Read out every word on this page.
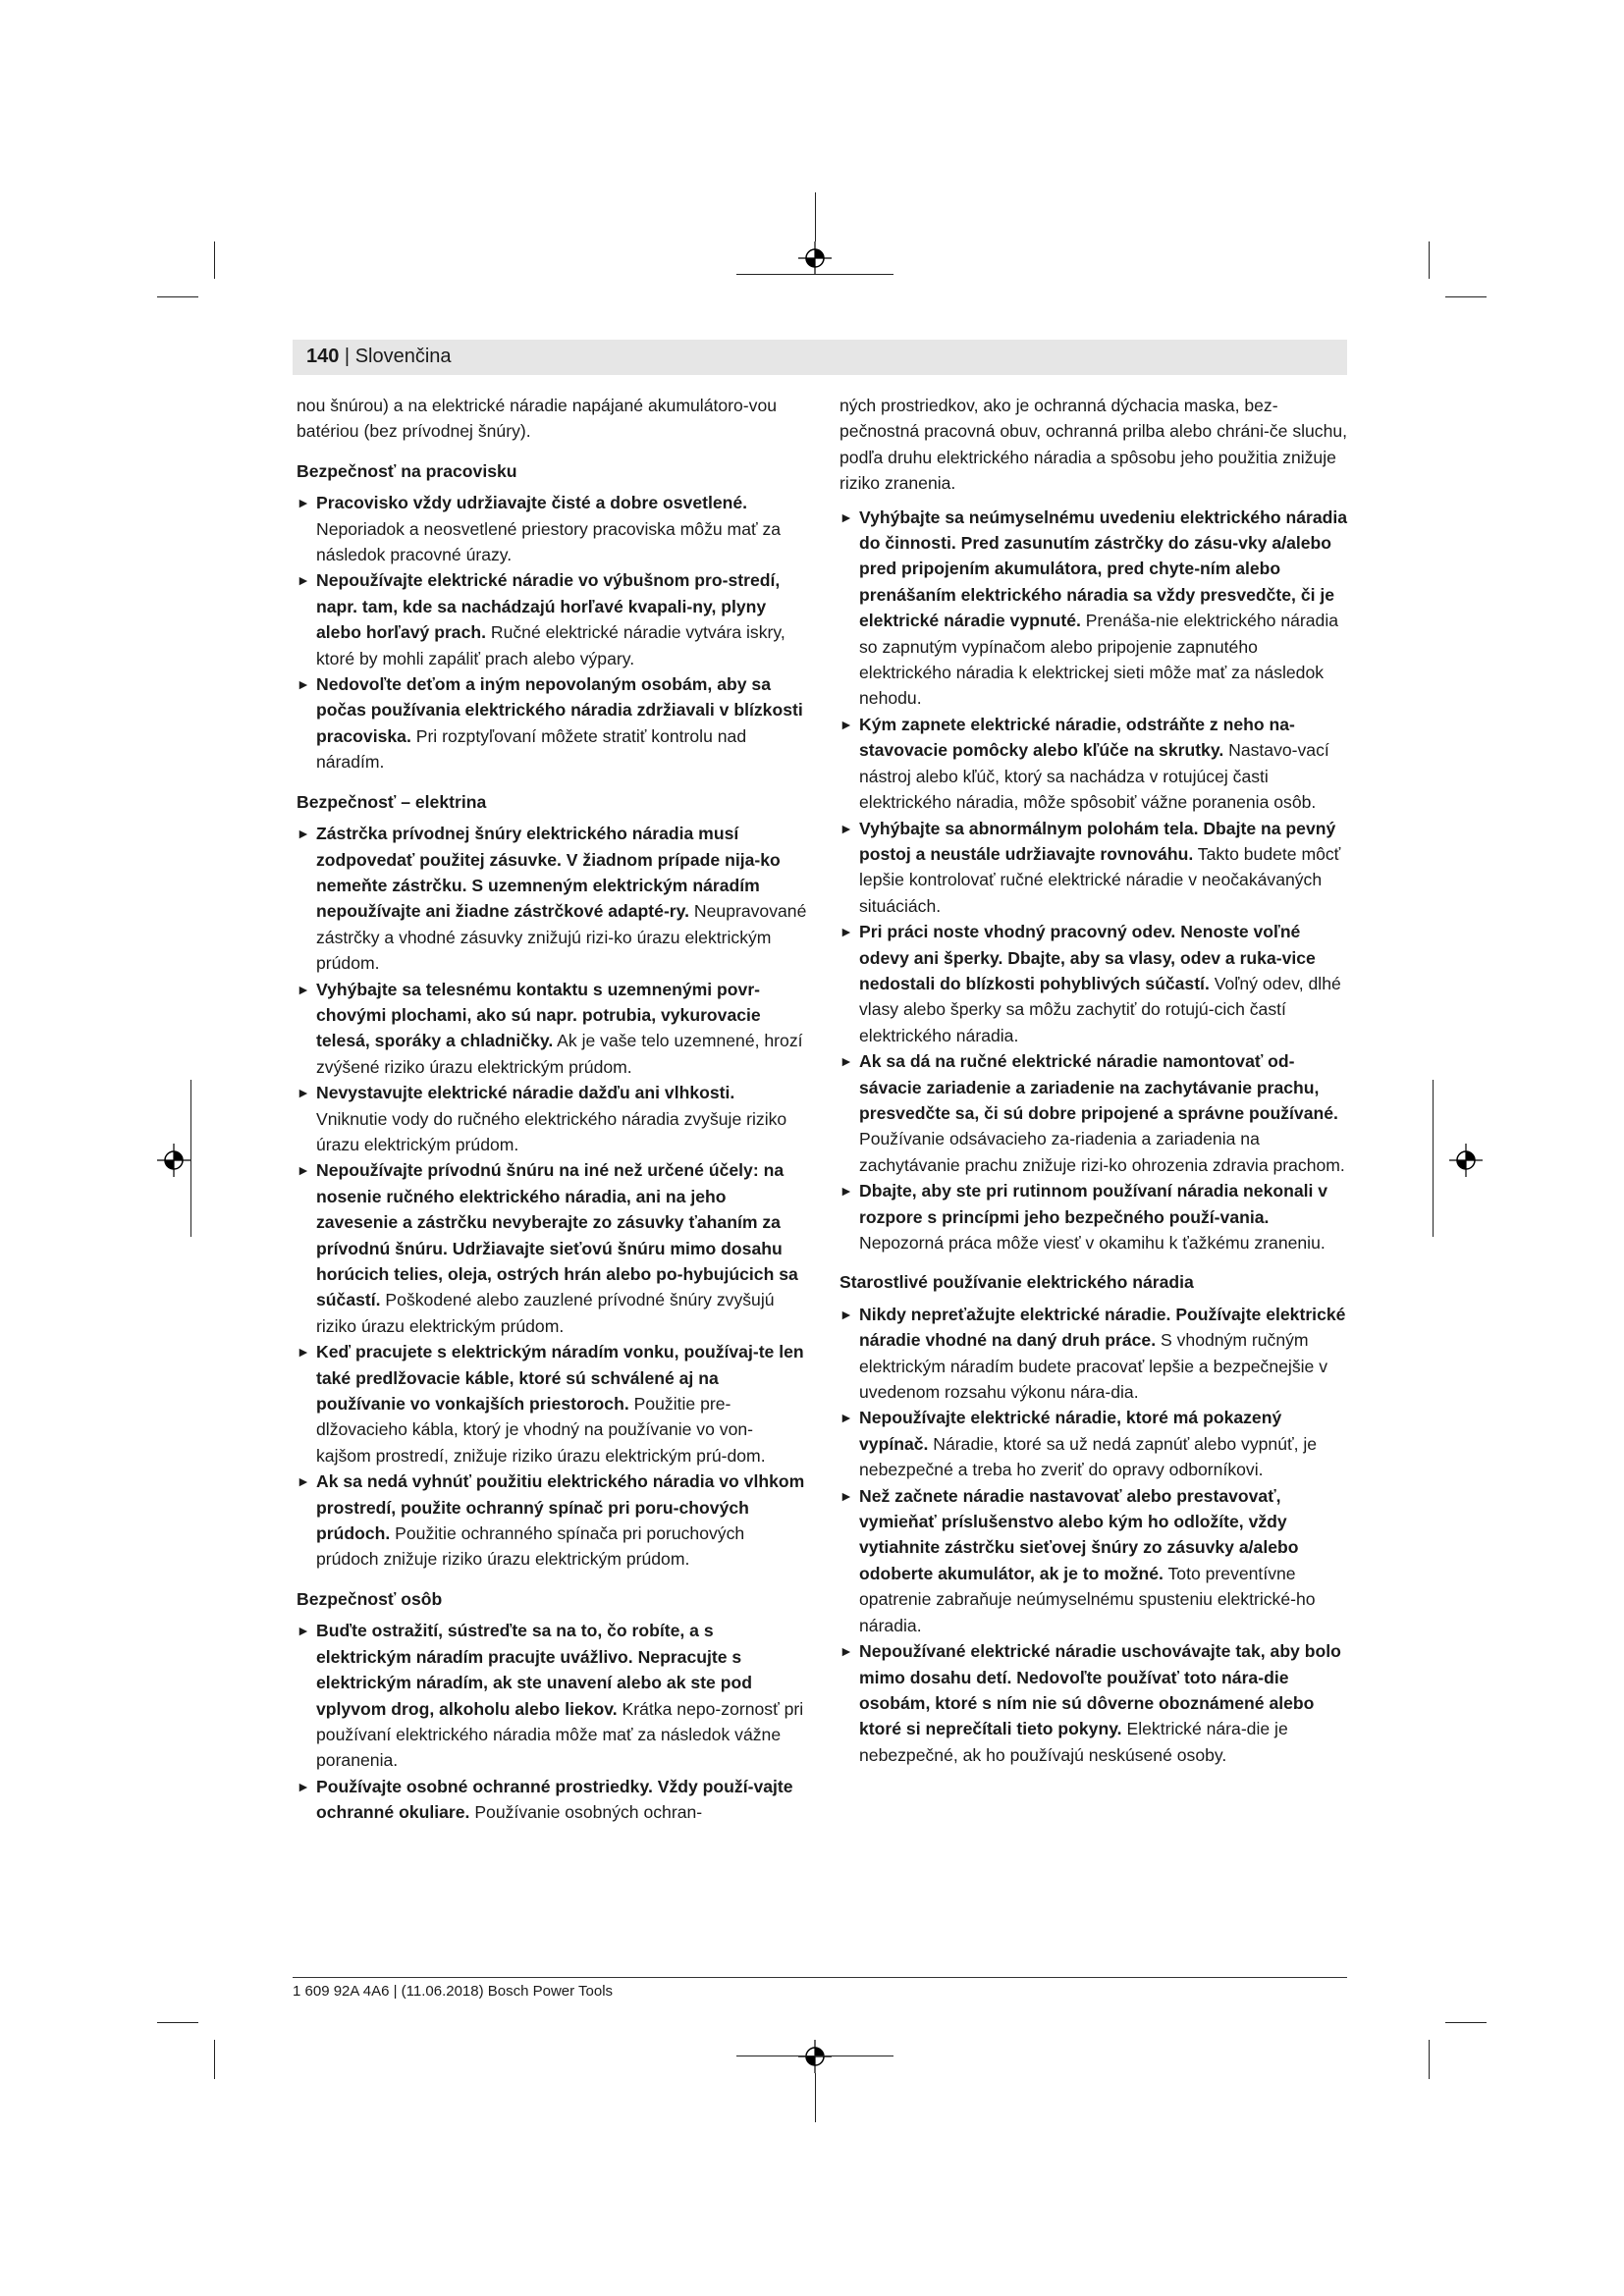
140 | Slovenčina

nou šnúrou) a na elektrické náradie napájané akumulátoro-vou batériou (bez prívodnej šnúry).

Bezpečnosť na pracovisku

► Pracovisko vždy udržiavajte čisté a dobre osvetlené. Neporiadok a neosvetlené priestory pracoviska môžu mať za následok pracovné úrazy.

► Nepoužívajte elektrické náradie vo výbušnom pro-stredí, napr. tam, kde sa nachádzajú horľavé kvapali-ny, plyny alebo horľavý prach. Ručné elektrické náradie vytvára iskry, ktoré by mohli zapáliť prach alebo výpary.

► Nedovoľte deťom a iným nepovolaným osobám, aby sa počas používania elektrického náradia zdržiavali v blízkosti pracoviska. Pri rozptyľovaní môžete stratiť kontrolu nad náradím.

Bezpečnosť – elektrina

► Zástrčka prívodnej šnúry elektrického náradia musí zodpovedať použitej zásuvke. V žiadnom prípade nija-ko nemeňte zástrčku. S uzemneným elektrickým náradím nepoužívajte ani žiadne zástrčkové adapté-ry. Neupravované zástrčky a vhodné zásuvky znižujú rizi-ko úrazu elektrickým prúdom.

► Vyhýbajte sa telesnému kontaktu s uzemnenými povr-chovými plochami, ako sú napr. potrubia, vykurovacie telesá, sporáky a chladničky. Ak je vaše telo uzemnené, hrozí zvýšené riziko úrazu elektrickým prúdom.

► Nevystavujte elektrické náradie dažďu ani vlhkosti. Vniknutie vody do ručného elektrického náradia zvyšuje riziko úrazu elektrickým prúdom.

► Nepoužívajte prívodnú šnúru na iné než určené účely: na nosenie ručného elektrického náradia, ani na jeho zavesenie a zástrčku nevyberajte zo zásuvky ťahaním za prívodnú šnúru. Udržiavajte sieťovú šnúru mimo dosahu horúcich telies, oleja, ostrých hrán alebo po-hybujúcich sa súčastí. Poškodené alebo zauzlené prívodné šnúry zvyšujú riziko úrazu elektrickým prúdom.

► Keď pracujete s elektrickým náradím vonku, používaj-te len také predlžovacie káble, ktoré sú schválené aj na používanie vo vonkajších priestoroch. Použitie pre-dlžovacieho kábla, ktorý je vhodný na používanie vo von-kajšom prostredí, znižuje riziko úrazu elektrickým prú-dom.

► Ak sa nedá vyhnúť použitiu elektrického náradia vo vlhkom prostredí, použite ochranný spínač pri poru-chových prúdoch. Použitie ochranného spínača pri poruchových prúdoch znižuje riziko úrazu elektrickým prúdom.

Bezpečnosť osôb

► Buďte ostražití, sústreďte sa na to, čo robíte, a s elektrickým náradím pracujte uvážlivo. Nepracujte s elektrickým náradím, ak ste unavení alebo ak ste pod vplyvom drog, alkoholu alebo liekov. Krátka nepo-zornosť pri používaní elektrického náradia môže mať za následok vážne poranenia.

► Používajte osobné ochranné prostriedky. Vždy použí-vajte ochranné okuliare. Používanie osobných ochran-

ných prostriedkov, ako je ochranná dýchacia maska, bez-pečnostná pracovná obuv, ochranná prilba alebo chráni-če sluchu, podľa druhu elektrického náradia a spôsobu jeho použitia znižuje riziko zranenia.

► Vyhýbajte sa neúmyselnému uvedeniu elektrického náradia do činnosti. Pred zasunutím zástrčky do zásu-vky a/alebo pred pripojením akumulátora, pred chyte-ním alebo prenášaním elektrického náradia sa vždy presvedčte, či je elektrické náradie vypnuté. Prenáša-nie elektrického náradia so zapnutým vypínačom alebo pripojenie zapnutého elektrického náradia k elektrickej sieti môže mať za následok nehodu.

► Kým zapnete elektrické náradie, odstráňte z neho na-stavovacie pomôcky alebo kľúče na skrutky. Nastavo-vací nástroj alebo kľúč, ktorý sa nachádza v rotujúcej časti elektrického náradia, môže spôsobiť vážne poranenia osôb.

► Vyhýbajte sa abnormálnym polohám tela. Dbajte na pevný postoj a neustále udržiavajte rovnováhu. Takto budete môcť lepšie kontrolovať ručné elektrické náradie v neočakávaných situáciách.

► Pri práci noste vhodný pracovný odev. Nenoste voľné odevy ani šperky. Dbajte, aby sa vlasy, odev a ruka-vice nedostali do blízkosti pohyblivých súčastí. Voľný odev, dlhé vlasy alebo šperky sa môžu zachytiť do rotujú-cich častí elektrického náradia.

► Ak sa dá na ručné elektrické náradie namontovať od-sávacie zariadenie a zariadenie na zachytávanie prachu, presvedčte sa, či sú dobre pripojené a správne používané. Používanie odsávacieho za-riadenia a zariadenia na zachytávanie prachu znižuje rizi-ko ohrozenia zdravia prachom.

► Dbajte, aby ste pri rutinnom používaní náradia nekonali v rozpore s princípmi jeho bezpečného použí-vania. Nepozorná práca môže viesť v okamihu k ťažkému zraneniu.

Starostlivé používanie elektrického náradia

► Nikdy nepreťažujte elektrické náradie. Používajte elektrické náradie vhodné na daný druh práce. S vhodným ručným elektrickým náradím budete pracovať lepšie a bezpečnejšie v uvedenom rozsahu výkonu nára-dia.

► Nepoužívajte elektrické náradie, ktoré má pokazený vypínač. Náradie, ktoré sa už nedá zapnúť alebo vypnúť, je nebezpečné a treba ho zveriť do opravy odborníkovi.

► Než začnete náradie nastavovať alebo prestavovať, vymieňať príslušenstvo alebo kým ho odložíte, vždy vytiahnite zástrčku sieťovej šnúry zo zásuvky a/alebo odoberte akumulátor, ak je to možné. Toto preventívne opatrenie zabraňuje neúmyselnému spusteniu elektrické-ho náradia.

► Nepoužívané elektrické náradie uschovávajte tak, aby bolo mimo dosahu detí. Nedovoľte používať toto nára-die osobám, ktoré s ním nie sú dôverne oboznámené alebo ktoré si neprečítali tieto pokyny. Elektrické nára-die je nebezpečné, ak ho používajú neskúsené osoby.

1 609 92A 4A6 | (11.06.2018) Bosch Power Tools
